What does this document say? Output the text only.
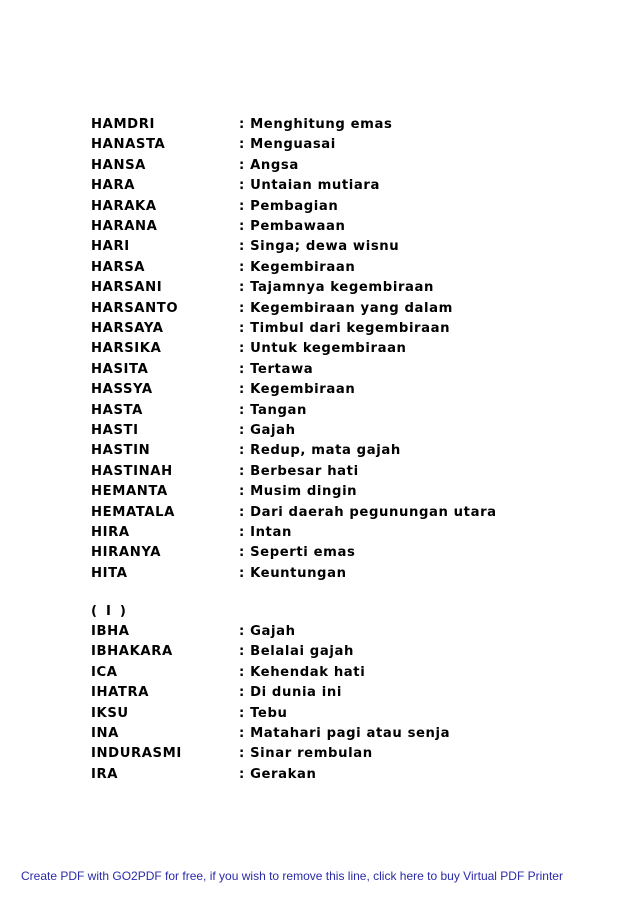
HAMDRI	: Menghitung emas
HANASTA	: Menguasai
HANSA	: Angsa
HARA	: Untaian mutiara
HARAKA	: Pembagian
HARANA	: Pembawaan
HARI	: Singa; dewa wisnu
HARSA	: Kegembiraan
HARSANI	: Tajamnya kegembiraan
HARSANTO	: Kegembiraan yang dalam
HARSAYA	: Timbul dari kegembiraan
HARSIKA	: Untuk kegembiraan
HASITA	: Tertawa
HASSYA	: Kegembiraan
HASTA	: Tangan
HASTI	: Gajah
HASTIN	: Redup, mata gajah
HASTINAH	: Berbesar hati
HEMANTA	: Musim dingin
HEMATALA	: Dari daerah pegunungan utara
HIRA	: Intan
HIRANYA	: Seperti emas
HITA	: Keuntungan
( I )
IBHA	: Gajah
IBHAKARA	: Belalai gajah
ICA	: Kehendak hati
IHATRA	: Di dunia ini
IKSU	: Tebu
INA	: Matahari pagi atau senja
INDURASMI	: Sinar rembulan
IRA	: Gerakan
Create PDF with GO2PDF for free, if you wish to remove this line, click here to buy Virtual PDF Printer
